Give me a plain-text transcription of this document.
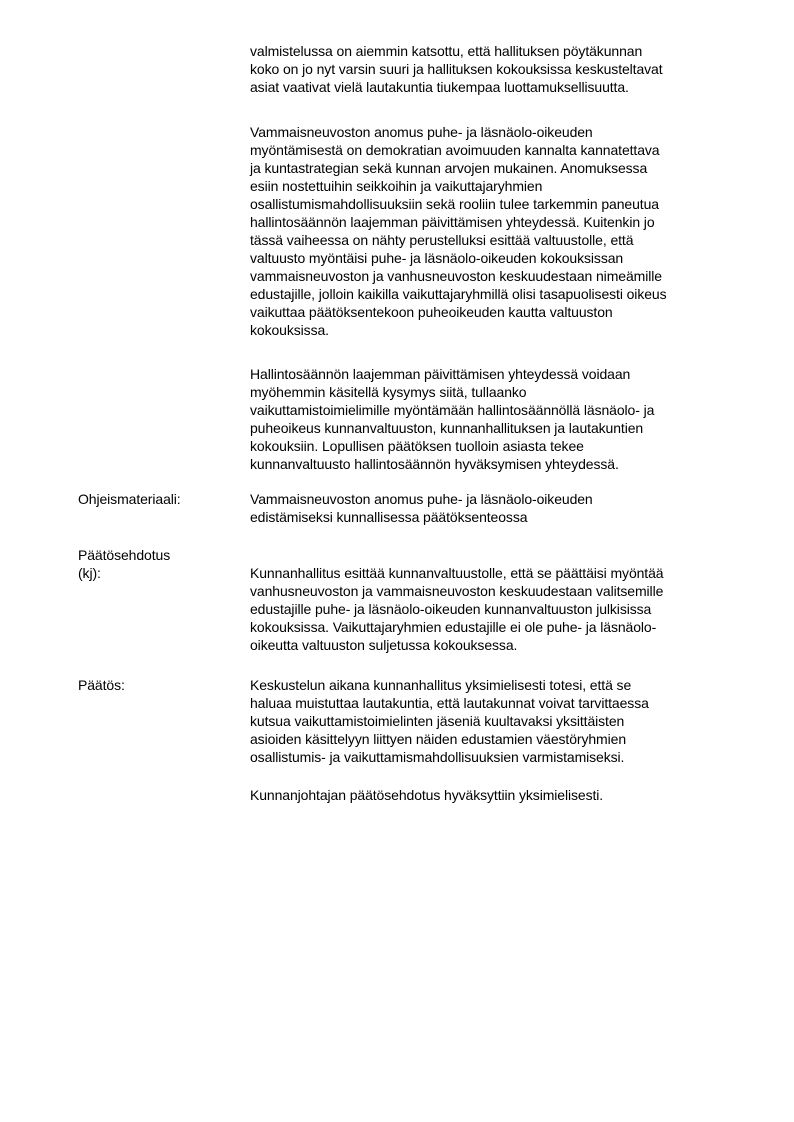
valmistelussa on aiemmin katsottu, että hallituksen pöytäkunnan
koko on jo nyt varsin suuri ja hallituksen kokouksissa keskusteltavat
asiat vaativat vielä lautakuntia tiukempaa luottamuksellisuutta.
Vammaisneuvoston anomus puhe- ja läsnäolo-oikeuden
myöntämisestä on demokratian avoimuuden kannalta kannatettava
ja kuntastrategian sekä kunnan arvojen mukainen. Anomuksessa
esiin nostettuihin seikkoihin ja vaikuttajaryhmien
osallistumismahdollisuuksiin sekä rooliin tulee tarkemmin paneutua
hallintosäännön laajemman päivittämisen yhteydessä. Kuitenkin jo
tässä vaiheessa on nähty perustelluksi esittää valtuustolle, että
valtuusto myöntäisi puhe- ja läsnäolo-oikeuden kokouksissan
vammaisneuvoston ja vanhusneuvoston keskuudestaan nimeämille
edustajille, jolloin kaikilla vaikuttajaryhmillä olisi tasapuolisesti oikeus
vaikuttaa päätöksentekoon puheoikeuden kautta valtuuston
kokouksissa.
Hallintosäännön laajemman päivittämisen yhteydessä voidaan
myöhemmin käsitellä kysymys siitä, tullaanko
vaikuttamistoimielimille myöntämään hallintosäännöllä läsnäolo- ja
puheoikeus kunnanvaltuuston, kunnanhallituksen ja lautakuntien
kokouksiin. Lopullisen päätöksen tuolloin asiasta tekee
kunnanvaltuusto hallintosäännön hyväksymisen yhteydessä.
Ohjeismateriaali:	Vammaisneuvoston anomus puhe- ja läsnäolo-oikeuden
edistämiseksi kunnallisessa päätöksenteossa
Päätösehdotus
(kj):	Kunnanhallitus esittää kunnanvaltuustolle, että se päättäisi myöntää
vanhusneuvoston ja vammaisneuvoston keskuudestaan valitsemille
edustajille puhe- ja läsnäolo-oikeuden kunnanvaltuuston julkisissa
kokouksissa. Vaikuttajaryhmien edustajille ei ole puhe- ja läsnäolo-
oikeutta valtuuston suljetussa kokouksessa.
Päätös:	Keskustelun aikana kunnanhallitus yksimielisesti totesi, että se
haluaa muistuttaa lautakuntia, että lautakunnat voivat tarvittaessa
kutsua vaikuttamistoimielinten jäseniä kuultavaksi yksittäisten
asioiden käsittelyyn liittyen näiden edustamien väestöryhmien
osallistumis- ja vaikuttamismahdollisuuksien varmistamiseksi.
Kunnanjohtajan päätösehdotus hyväksyttiin yksimielisesti.
